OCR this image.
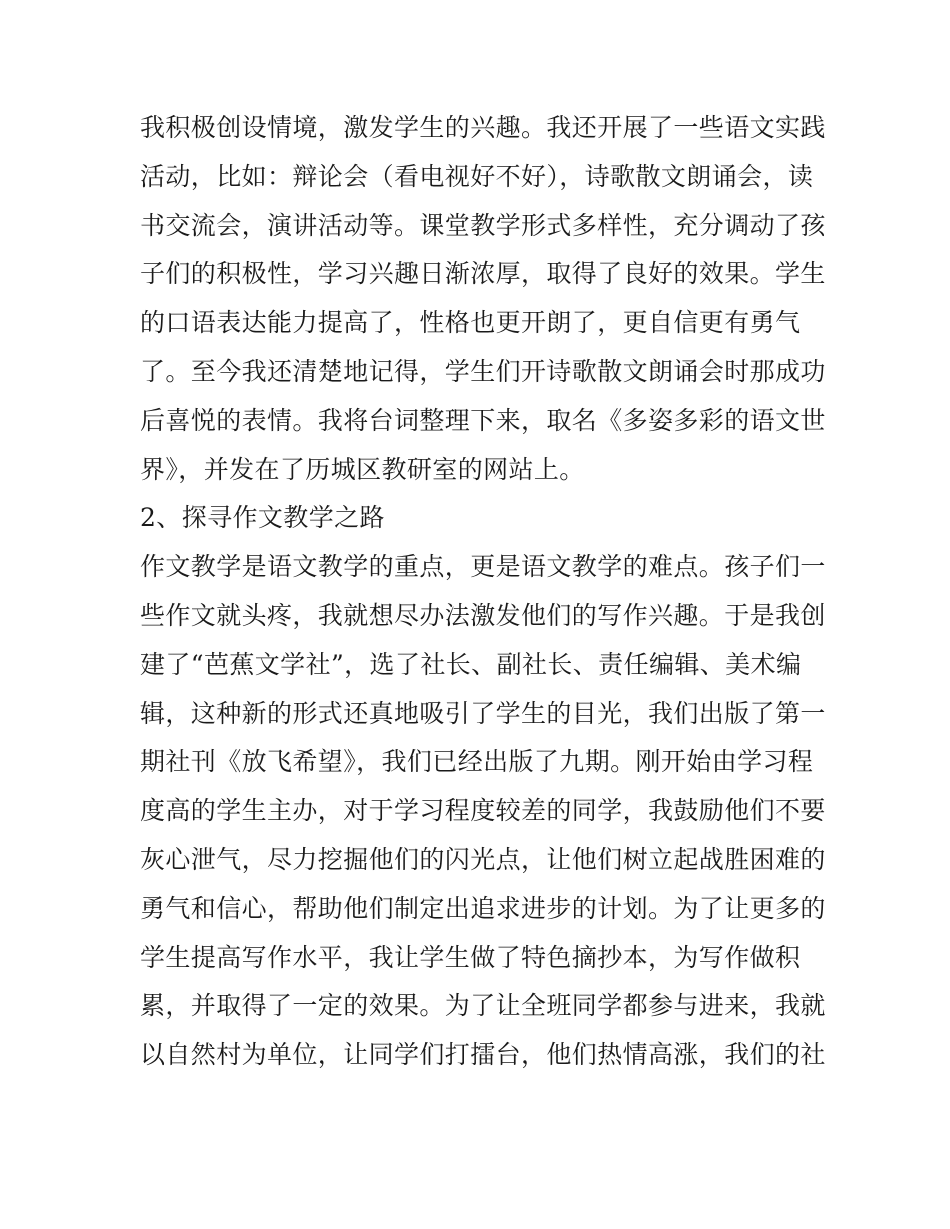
我积极创设情境，激发学生的兴趣。我还开展了一些语文实践
活动，比如：辩论会（看电视好不好），诗歌散文朗诵会，读
书交流会，演讲活动等。课堂教学形式多样性，充分调动了孩
子们的积极性，学习兴趣日渐浓厚，取得了良好的效果。学生
的口语表达能力提高了，性格也更开朗了，更自信更有勇气
了。至今我还清楚地记得，学生们开诗歌散文朗诵会时那成功
后喜悦的表情。我将台词整理下来，取名《多姿多彩的语文世
界》，并发在了历城区教研室的网站上。
2、探寻作文教学之路
作文教学是语文教学的重点，更是语文教学的难点。孩子们一
些作文就头疼，我就想尽办法激发他们的写作兴趣。于是我创
建了“芭蕉文学社”，选了社长、副社长、责任编辑、美术编
辑，这种新的形式还真地吸引了学生的目光，我们出版了第一
期社刊《放飞希望》，我们已经出版了九期。刚开始由学习程
度高的学生主办，对于学习程度较差的同学，我鼓励他们不要
灰心泄气，尽力挖掘他们的闪光点，让他们树立起战胜困难的
勇气和信心，帮助他们制定出追求进步的计划。为了让更多的
学生提高写作水平，我让学生做了特色摘抄本，为写作做积
累，并取得了一定的效果。为了让全班同学都参与进来，我就
以自然村为单位，让同学们打擂台，他们热情高涨，我们的社
